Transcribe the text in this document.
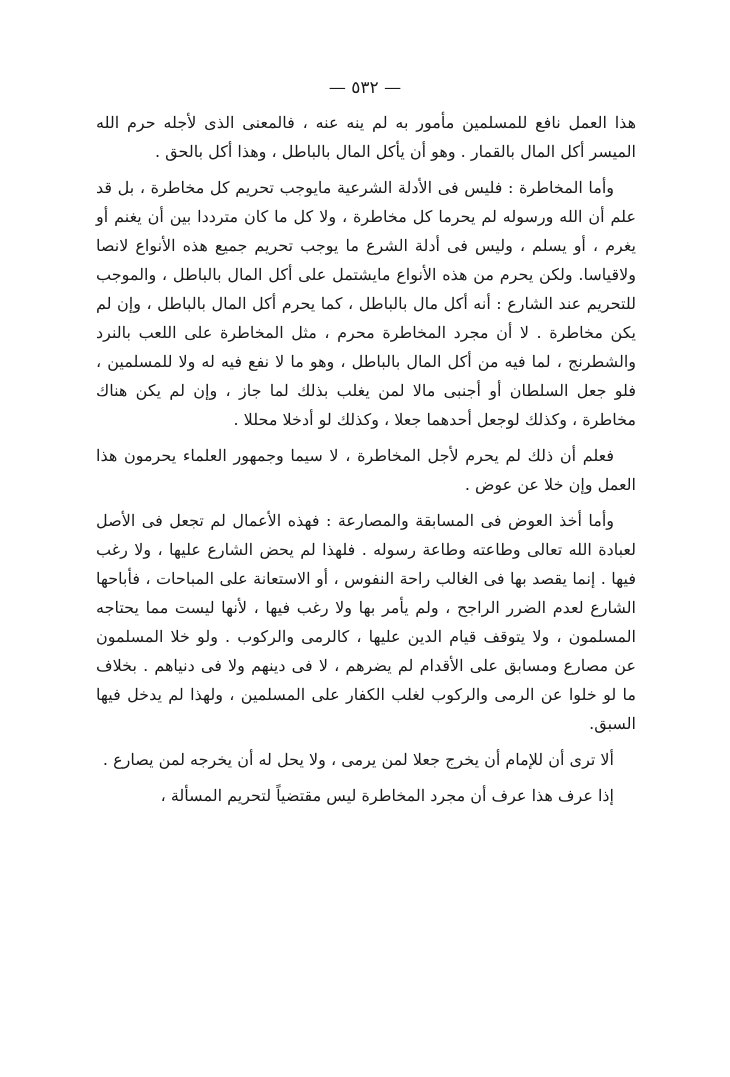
— ٥٣٢ —

هذا العمل نافع للمسلمين مأمور به لم ينه عنه ، فالمعنى الذى لأجله حرم الله الميسر أكل المال بالقمار . وهو أن يأكل المال بالباطل ، وهذا أكل بالحق .

وأما المخاطرة : فليس فى الأدلة الشرعية مايوجب تحريم كل مخاطرة ، بل قد علم أن الله ورسوله لم يحرما كل مخاطرة ، ولا كل ما كان مترددا بين أن يغنم أو يغرم ، أو يسلم ، وليس فى أدلة الشرع ما يوجب تحريم جميع هذه الأنواع لانصا ولاقياسا. ولكن يحرم من هذه الأنواع مايشتمل على أكل المال بالباطل ، والموجب للتحريم عند الشارع : أنه أكل مال بالباطل ، كما يحرم أكل المال بالباطل ، وإن لم يكن مخاطرة . لا أن مجرد المخاطرة محرم ، مثل المخاطرة على اللعب بالنرد والشطرنج ، لما فيه من أكل المال بالباطل ، وهو ما لا نفع فيه له ولا للمسلمين ، فلو جعل السلطان أو أجنبى مالا لمن يغلب بذلك لما جاز ، وإن لم يكن هناك مخاطرة ، وكذلك لوجعل أحدهما جعلا ، وكذلك لو أدخلا محللا .

فعلم أن ذلك لم يحرم لأجل المخاطرة ، لا سيما وجمهور العلماء يحرمون هذا العمل وإن خلا عن عوض .

وأما أخذ العوض فى المسابقة والمصارعة : فهذه الأعمال لم تجعل فى الأصل لعبادة الله تعالى وطاعته وطاعة رسوله . فلهذا لم يحض الشارع عليها ، ولا رغب فيها . إنما يقصد بها فى الغالب راحة النفوس ، أو الاستعانة على المباحات ، فأباحها الشارع لعدم الضرر الراجح ، ولم يأمر بها ولا رغب فيها ، لأنها ليست مما يحتاجه المسلمون ، ولا يتوقف قيام الدين عليها ، كالرمى والركوب . ولو خلا المسلمون عن مصارع ومسابق على الأقدام لم يضرهم ، لا فى دينهم ولا فى دنياهم . بخلاف ما لو خلوا عن الرمى والركوب لغلب الكفار على المسلمين ، ولهذا لم يدخل فيها السبق.

ألا ترى أن للإمام أن يخرج جعلا لمن يرمى ، ولا يحل له أن يخرجه لمن يصارع .

إذا عرف هذا عرف أن مجرد المخاطرة ليس مقتضياً لتحريم المسألة ،
